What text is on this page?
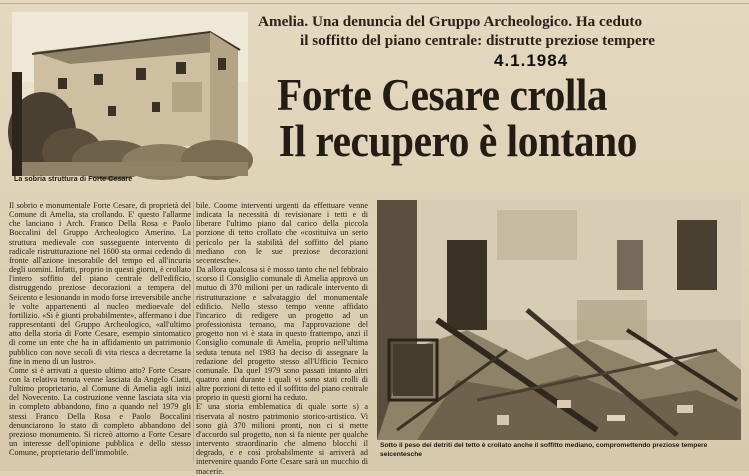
La sobria struttura di Forte Cesare
Amelia. Una denuncia del Gruppo Archeologico. Ha ceduto
il soffitto del piano centrale: distrutte preziose tempere
4.1.1984
Forte Cesare crolla
Il recupero è lontano

Il sobrio e monumentale Forte Cesare, di proprietà del Comune di Amelia, sta crollando. E' questo l'allarme che lanciano i Arch. Franco Della Rosa e Paolo Boccalini del Gruppo Archeologico Amerino. La struttura medievale con susseguente intervento di radicale ristrutturazione nel 1600 sta ormai cedendo di fronte all'azione inesorabile del tempo ed all'incuria degli uomini. Infatti, proprio in questi giorni, è crollato l'intero soffitto del piano centrale dell'edificio, distruggendo preziose decorazioni a tempera del Seicento e lesionando in modo forse irreversibile anche le volte appartenenti al nucleo medioevale del fortilizio. «Si è giunti probabilmente», affermano i due rappresentanti del Gruppo Archeologico, «all'ultimo atto della storia di Forte Cesare, esempio sintomatico di come un ente che ha in affidamento un patrimonio pubblico con nove secoli di vita riesca a decretarne la fine in meno di un lustro».

Come si è arrivati a questo ultimo atto? Forte Cesare con la relativa tenuta venne lasciata da Angelo Ciatti, l'ultimo proprietario, al Comune di Amelia agli inizi del Novecento. La costruzione venne lasciata sita via in completo abbandono, fino a quando nel 1979 gli stessi Franco Della Rosa e Paolo Boccalini denunciarono lo stato di completo abbandono del prezioso monumento. Si ricreò attorno a Forte Cesare un interesse dell'opinione pubblica e dello stesso Comune, proprietario dell'immobile.

bile. Coome interventi urgenti da effettuare venne indicata la necessità di revisionare i tetti e di liberare l'ultimo piano dal carico della piccola porzione di tetto crollato che «costituiva un serio pericolo per la stabilità del soffitto del piano mediano con le sue preziose decorazioni secentesche».

Da allora qualcosa si è mosso tanto che nel febbraio scorso il Consiglio comunale di Amelia approvò un mutuo di 370 milioni per un radicale intervento di ristrutturazione e salvataggio del monumentale edificio. Nello stesso tempo venne affidato l'incarico di redigere un progetto ad un professionista ternano, ma l'approvazione del progetto non vi è stata in questo frattempo, anzi il Consiglio comunale di Amelia, proprio nell'ultima seduta tenuta nel 1983 ha deciso di assegnare la redazione del progetto stesso all'Ufficio Tecnico comunale. Da quel 1979 sono passati intanto altri quattro anni durante i quali vi sono stati crolli di altre porzioni di tetto ed il soffitto del piano centrale proprio in questi giorni ha ceduto.

E' una storia emblematica di quale sorte s) a riservata al nostro patrimonio storico-artistico. Vi sono già 370 milioni pronti, non ci si mette d'accordo sul progetto, non si fa niente per qualche intervento straordinario che almeno blocchi il degrado, e e così probabilmente si arriverà ad intervenire quando Forte Cesare sarà un mucchio di macerie.

Sotto il peso dei detriti del tetto è crollato anche il soffitto mediano, compromettendo preziose tempere seicentesche
